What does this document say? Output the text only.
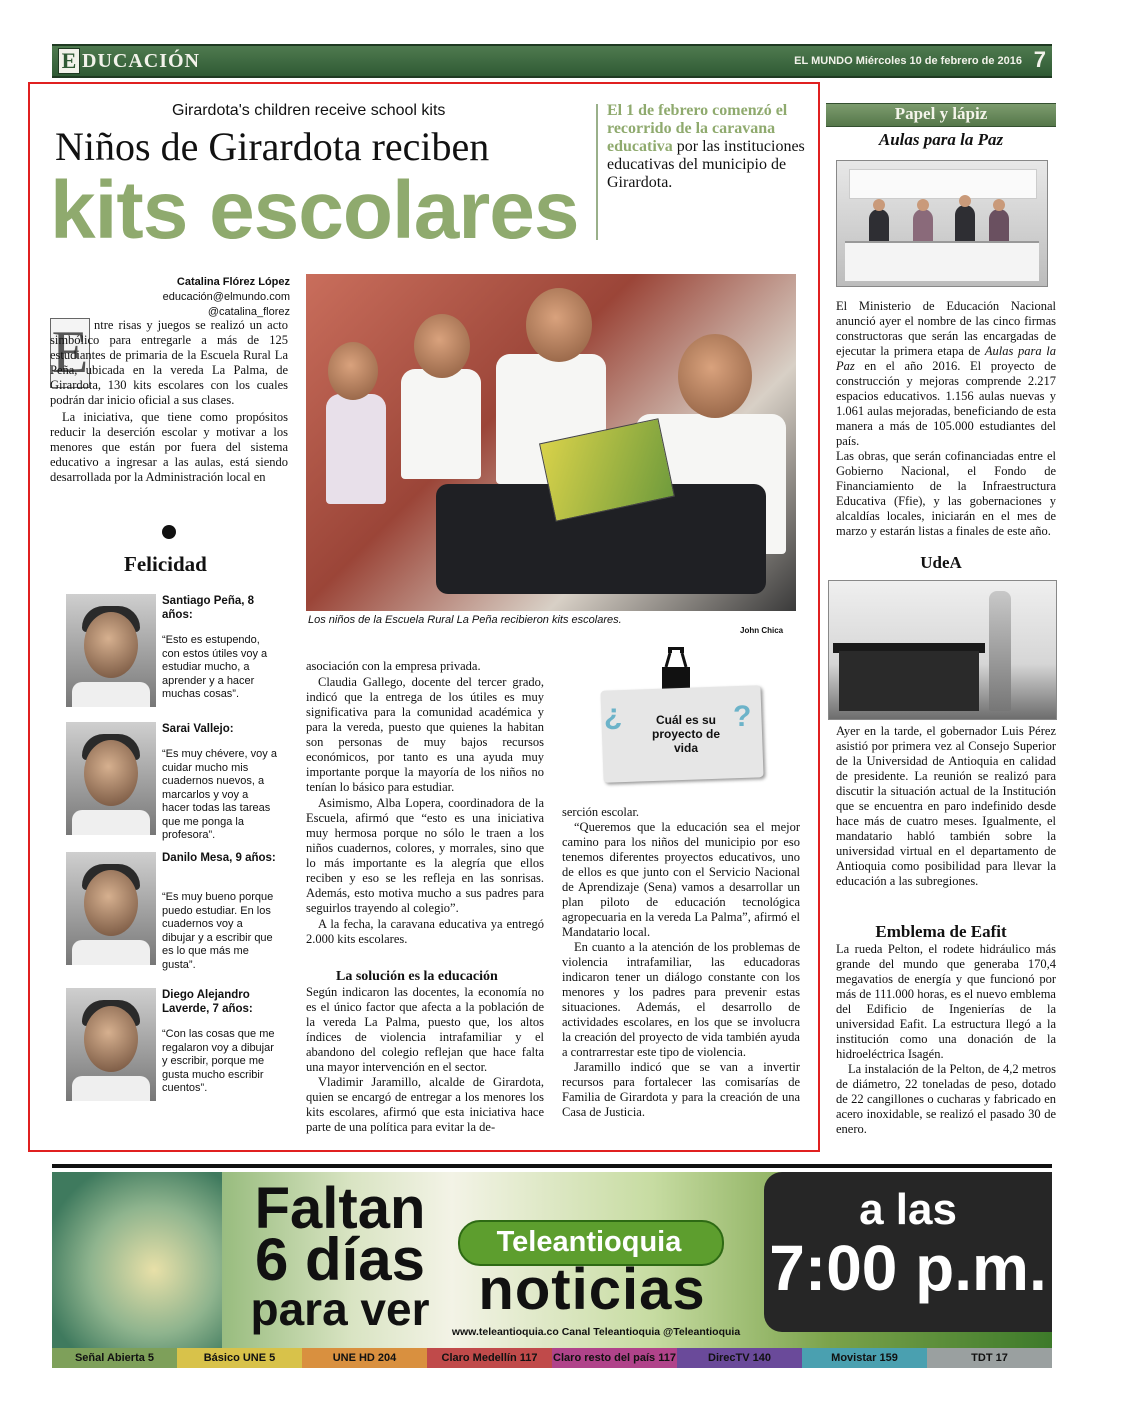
E DUCACIÓN	EL MUNDO Miércoles 10 de febrero de 2016 7
Girardota's children receive school kits
Niños de Girardota reciben
kits escolares
El 1 de febrero comenzó el recorrido de la caravana educativa por las instituciones educativas del municipio de Girardota.
Catalina Flórez López
educación@elmundo.com
@catalina_florez
E ntre risas y juegos se realizó un acto simbólico para entregarle a más de 125 estudiantes de primaria de la Escuela Rural La Peña, ubicada en la vereda La Palma, de Girardota, 130 kits escolares con los cuales podrán dar inicio oficial a sus clases.

La iniciativa, que tiene como propósitos reducir la deserción escolar y motivar a los menores que están por fuera del sistema educativo a ingresar a las aulas, está siendo desarrollada por la Administración local en

Los niños de la Escuela Rural La Peña recibieron kits escolares.
John Chica
Felicidad
Santiago Peña, 8 años:
“Esto es estupendo, con estos útiles voy a estudiar mucho, a aprender y a hacer muchas cosas”.
Sarai Vallejo:
“Es muy chévere, voy a cuidar mucho mis cuadernos nuevos, a marcarlos y voy a hacer todas las tareas que me ponga la profesora”.
Danilo Mesa, 9 años:
“Es muy bueno porque puedo estudiar. En los cuadernos voy a dibujar y a escribir que es lo que más me gusta”.
Diego Alejandro Laverde, 7 años:
“Con las cosas que me regalaron voy a dibujar y escribir, porque me gusta mucho escribir cuentos”.

asociación con la empresa privada.

Claudia Gallego, docente del tercer grado, indicó que la entrega de los útiles es muy significativa para la comunidad académica y para la vereda, puesto que quienes la habitan son personas de muy bajos recursos económicos, por tanto es una ayuda muy importante porque la mayoría de los niños no tenían lo básico para estudiar.

Asimismo, Alba Lopera, coordinadora de la Escuela, afirmó que “esto es una iniciativa muy hermosa porque no sólo le traen a los niños cuadernos, colores, y morrales, sino que lo más importante es la alegría que ellos reciben y eso se les refleja en las sonrisas. Además, esto motiva mucho a sus padres para seguirlos trayendo al colegio”.

A la fecha, la caravana educativa ya entregó 2.000 kits escolares.

La solución es la educación

Según indicaron las docentes, la economía no es el único factor que afecta a la población de la vereda La Palma, puesto que, los altos índices de violencia intrafamiliar y el abandono del colegio reflejan que hace falta una mayor intervención en el sector.

Vladimir Jaramillo, alcalde de Girardota, quien se encargó de entregar a los menores los kits escolares, afirmó que esta iniciativa hace parte de una política para evitar la de-

¿	Cuál es su proyecto de vida
?

serción escolar.

“Queremos que la educación sea el mejor camino para los niños del municipio por eso tenemos diferentes proyectos educativos, uno de ellos es que junto con el Servicio Nacional de Aprendizaje (Sena) vamos a desarrollar un plan piloto de educación tecnológica agropecuaria en la vereda La Palma”, afirmó el Mandatario local.

En cuanto a la atención de los problemas de violencia intrafamiliar, las educadoras indicaron tener un diálogo constante con los menores y los padres para prevenir estas situaciones. Además, el desarrollo de actividades escolares, en los que se involucra la creación del proyecto de vida también ayuda a contrarrestar este tipo de violencia.

Jaramillo indicó que se van a invertir recursos para fortalecer las comisarías de Familia de Girardota y para la creación de una Casa de Justicia.

Papel y lápiz
Aulas para la Paz

El Ministerio de Educación Nacional anunció ayer el nombre de las cinco firmas constructoras que serán las encargadas de ejecutar la primera etapa de Aulas para la Paz en el año 2016. El proyecto de construcción y mejoras comprende 2.217 espacios educativos. 1.156 aulas nuevas y 1.061 aulas mejoradas, beneficiando de esta manera a más de 105.000 estudiantes del país.

Las obras, que serán cofinanciadas entre el Gobierno Nacional, el Fondo de Financiamiento de la Infraestructura Educativa (Ffie), y las gobernaciones y alcaldías locales, iniciarán en el mes de marzo y estarán listas a finales de este año.

UdeA

Ayer en la tarde, el gobernador Luis Pérez asistió por primera vez al Consejo Superior de la Universidad de Antioquia en calidad de presidente. La reunión se realizó para discutir la situación actual de la Institución que se encuentra en paro indefinido desde hace más de cuatro meses. Igualmente, el mandatario habló también sobre la universidad virtual en el departamento de Antioquia como posibilidad para llevar la educación a las subregiones.

Emblema de Eafit

La rueda Pelton, el rodete hidráulico más grande del mundo que generaba 170,4 megavatios de energía y que funcionó por más de 111.000 horas, es el nuevo emblema del Edificio de Ingenierías de la universidad Eafit. La estructura llegó a la institución como una donación de la hidroeléctrica Isagén.

La instalación de la Pelton, de 4,2 metros de diámetro, 22 toneladas de peso, dotado de 22 cangillones o cucharas y fabricado en acero inoxidable, se realizó el pasado 30 de enero.

Faltan
6 días
para ver
Teleantioquia
noticias
www.teleantioquia.co Canal Teleantioquia @Teleantioquia
a las
7:00 p.m.
Señal Abierta 5	Básico UNE 5	UNE HD 204	Claro Medellín 117	Claro resto del país 117	DirecTV 140	Movistar 159	TDT 17
